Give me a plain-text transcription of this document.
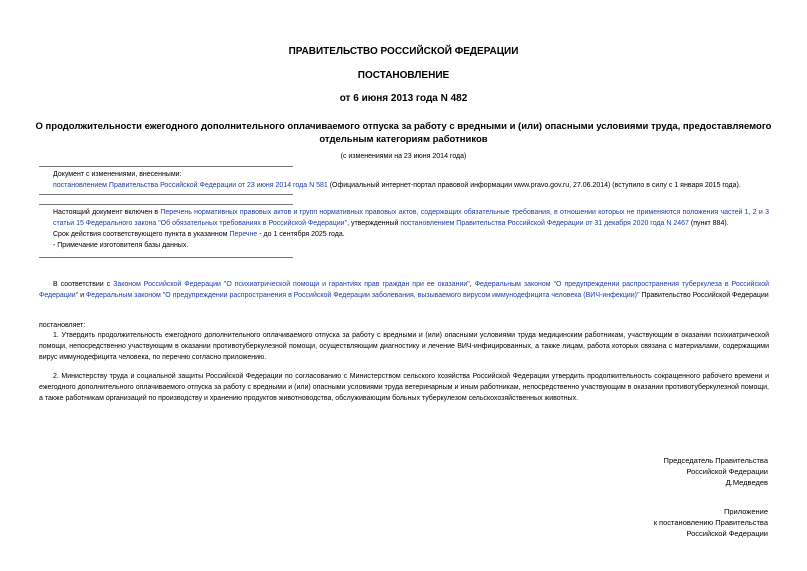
ПРАВИТЕЛЬСТВО РОССИЙСКОЙ ФЕДЕРАЦИИ
ПОСТАНОВЛЕНИЕ
от 6 июня 2013 года N 482
О продолжительности ежегодного дополнительного оплачиваемого отпуска за работу с вредными и (или) опасными условиями труда, предоставляемого
отдельным категориям работников
(с изменениями на 23 июня 2014 года)
Документ с изменениями, внесенными:
постановлением Правительства Российской Федерации от 23 июня 2014 года N 581 (Официальный интернет-портал правовой информации www.pravo.gov.ru, 27.06.2014) (вступило в силу с 1 января 2015 года).
Настоящий документ включен в Перечень нормативных правовых актов и групп нормативных правовых актов, содержащих обязательные требования, в отношении которых не применяются положения частей 1, 2 и 3 статьи 15 Федерального закона "Об обязательных требованиях в Российской Федерации", утвержденный постановлением Правительства Российской Федерации от 31 декабря 2020 года N 2467 (пункт 884).
Срок действия соответствующего пункта в указанном Перечне - до 1 сентября 2025 года.
- Примечание изготовителя базы данных.
В соответствии с Законом Российской Федерации "О психиатрической помощи и гарантиях прав граждан при ее оказании", Федеральным законом "О предупреждении распространения туберкулеза в Российской Федерации" и Федеральным законом "О предупреждении распространения в Российской Федерации заболевания, вызываемого вирусом иммунодефицита человека (ВИЧ-инфекции)" Правительство Российской Федерации
постановляет:
1. Утвердить продолжительность ежегодного дополнительного оплачиваемого отпуска за работу с вредными и (или) опасными условиями труда медицинским работникам, участвующим в оказании психиатрической помощи, непосредственно участвующим в оказании противотуберкулезной помощи, осуществляющим диагностику и лечение ВИЧ-инфицированных, а также лицам, работа которых связана с материалами, содержащими вирус иммунодефицита человека, по перечню согласно приложению.
2. Министерству труда и социальной защиты Российской Федерации по согласованию с Министерством сельского хозяйства Российской Федерации утвердить продолжительность сокращенного рабочего времени и ежегодного дополнительного оплачиваемого отпуска за работу с вредными и (или) опасными условиями труда ветеринарным и иным работникам, непосредственно участвующим в оказании противотуберкулезной помощи, а также работникам организаций по производству и хранению продуктов животноводства, обслуживающим больных туберкулезом сельскохозяйственных животных.
Председатель Правительства
Российской Федерации
Д.Медведев
Приложение
к постановлению Правительства
Российской Федерации
